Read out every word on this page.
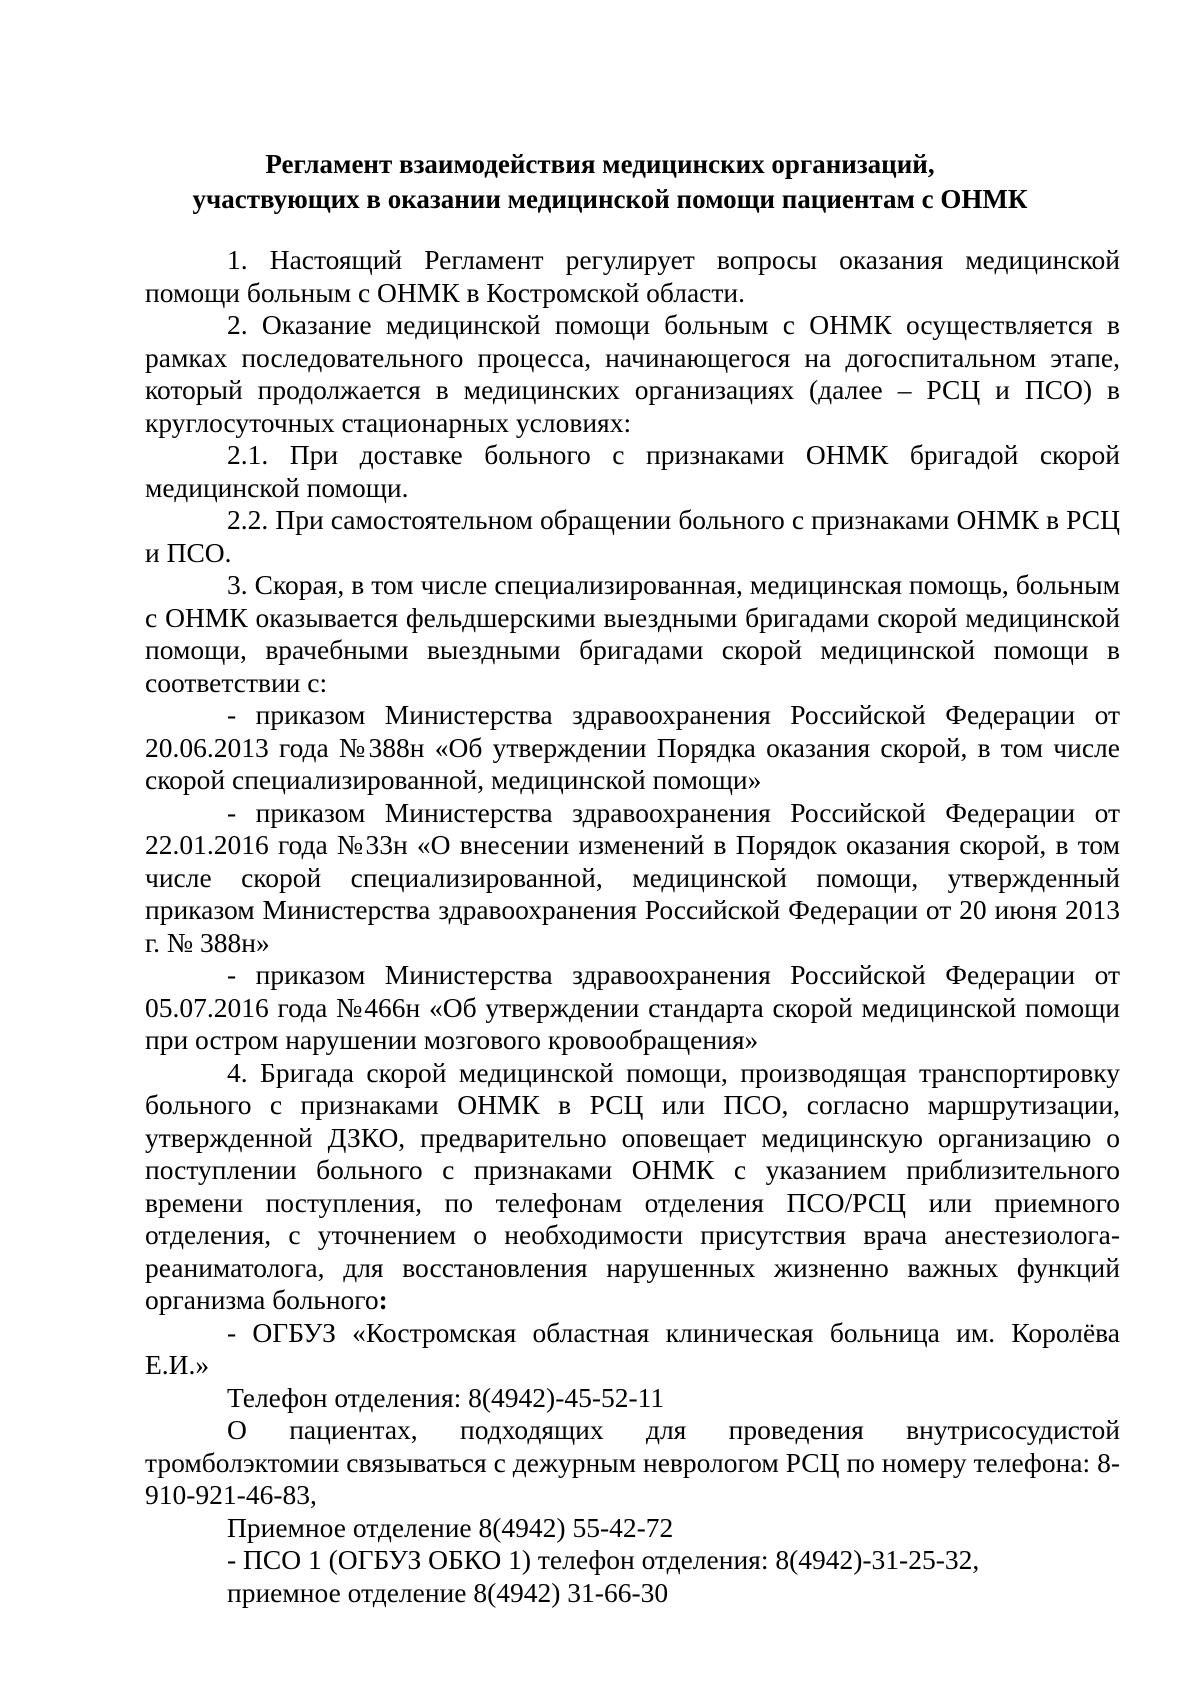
Регламент взаимодействия медицинских организаций,
участвующих в оказании медицинской помощи пациентам с ОНМК

1. Настоящий Регламент регулирует вопросы оказания медицинской помощи больным с ОНМК в Костромской области.

2. Оказание медицинской помощи больным с ОНМК осуществляется в рамках последовательного процесса, начинающегося на догоспитальном этапе, который продолжается в медицинских организациях (далее – РСЦ и ПСО) в круглосуточных стационарных условиях:

2.1. При доставке больного с признаками ОНМК бригадой скорой медицинской помощи.

2.2. При самостоятельном обращении больного с признаками ОНМК в РСЦ и ПСО.

3. Скорая, в том числе специализированная, медицинская помощь, больным с ОНМК оказывается фельдшерскими выездными бригадами скорой медицинской помощи, врачебными выездными бригадами скорой медицинской помощи в соответствии с:

- приказом Министерства здравоохранения Российской Федерации от 20.06.2013 года №388н «Об утверждении Порядка оказания скорой, в том числе скорой специализированной, медицинской помощи»

- приказом Министерства здравоохранения Российской Федерации от 22.01.2016 года №33н «О внесении изменений в Порядок оказания скорой, в том числе скорой специализированной, медицинской помощи, утвержденный приказом Министерства здравоохранения Российской Федерации от 20 июня 2013 г. № 388н»

- приказом Министерства здравоохранения Российской Федерации от 05.07.2016 года №466н «Об утверждении стандарта скорой медицинской помощи при остром нарушении мозгового кровообращения»

4. Бригада скорой медицинской помощи, производящая транспортировку больного с признаками ОНМК в РСЦ или ПСО, согласно маршрутизации, утвержденной ДЗКО, предварительно оповещает медицинскую организацию о поступлении больного с признаками ОНМК с указанием приблизительного времени поступления, по телефонам отделения ПСО/РСЦ или приемного отделения, с уточнением о необходимости присутствия врача анестезиолога-реаниматолога, для восстановления нарушенных жизненно важных функций организма больного:

- ОГБУЗ «Костромская областная клиническая больница им. Королёва Е.И.»

Телефон отделения: 8(4942)-45-52-11

О пациентах, подходящих для проведения внутрисосудистой тромболэктомии связываться с дежурным неврологом РСЦ по номеру телефона: 8-910-921-46-83,

Приемное отделение 8(4942) 55-42-72

- ПСО 1 (ОГБУЗ ОБКО 1) телефон отделения: 8(4942)-31-25-32,

приемное отделение 8(4942) 31-66-30
